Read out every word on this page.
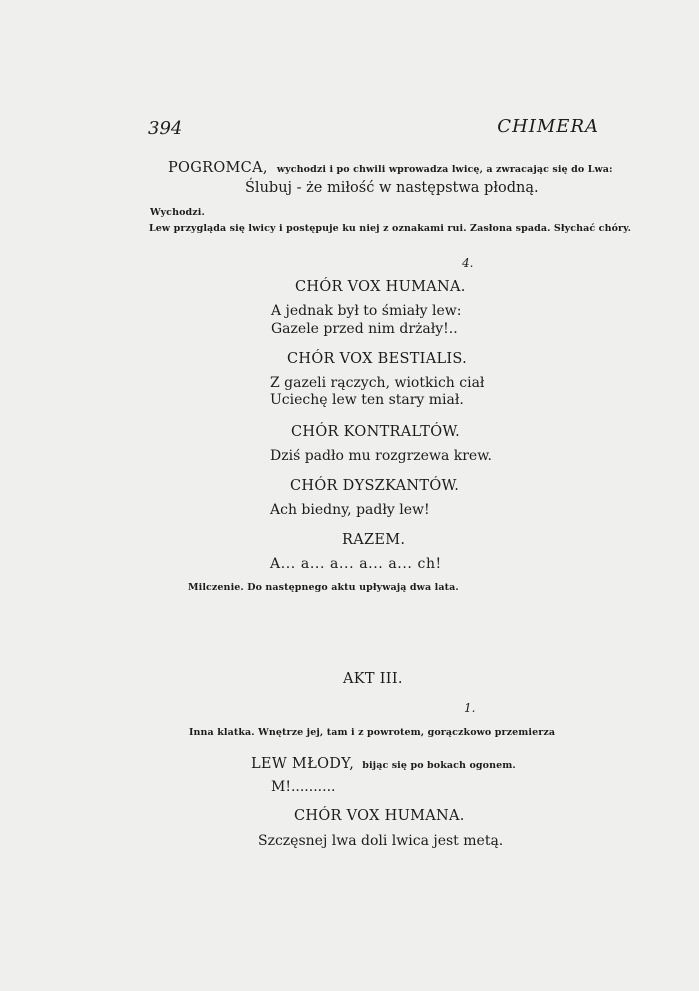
394	CHIMERA
POGROMCA, wychodzi i po chwili wprowadza lwicę, a zwracając się do Lwa:
Ślubuj - że miłość w następstwa płodną.
Wychodzi.
Lew przygląda się lwicy i postępuje ku niej z oznakami rui. Zasłona spada. Słychać chóry.
4.
CHÓR VOX HUMANA.
A jednak był to śmiały lew:
Gazele przed nim drżały!..
CHÓR VOX BESTIALIS.
Z gazeli rączych, wiotkich ciał
Uciechę lew ten stary miał.
CHÓR KONTRALTÓW.
Dziś padło mu rozgrzewa krew.
CHÓR DYSZKANTÓW.
Ach biedny, padły lew!
RAZEM.
A... a... a... a... a... ch!
Milczenie. Do następnego aktu upływają dwa lata.
AKT III.
1.
Inna klatka. Wnętrze jej, tam i z powrotem, gorączkowo przemierza
LEW MŁODY, bijąc się po bokach ogonem.
M!..........
CHÓR VOX HUMANA.
Szczęsnej lwa doli lwica jest metą.
